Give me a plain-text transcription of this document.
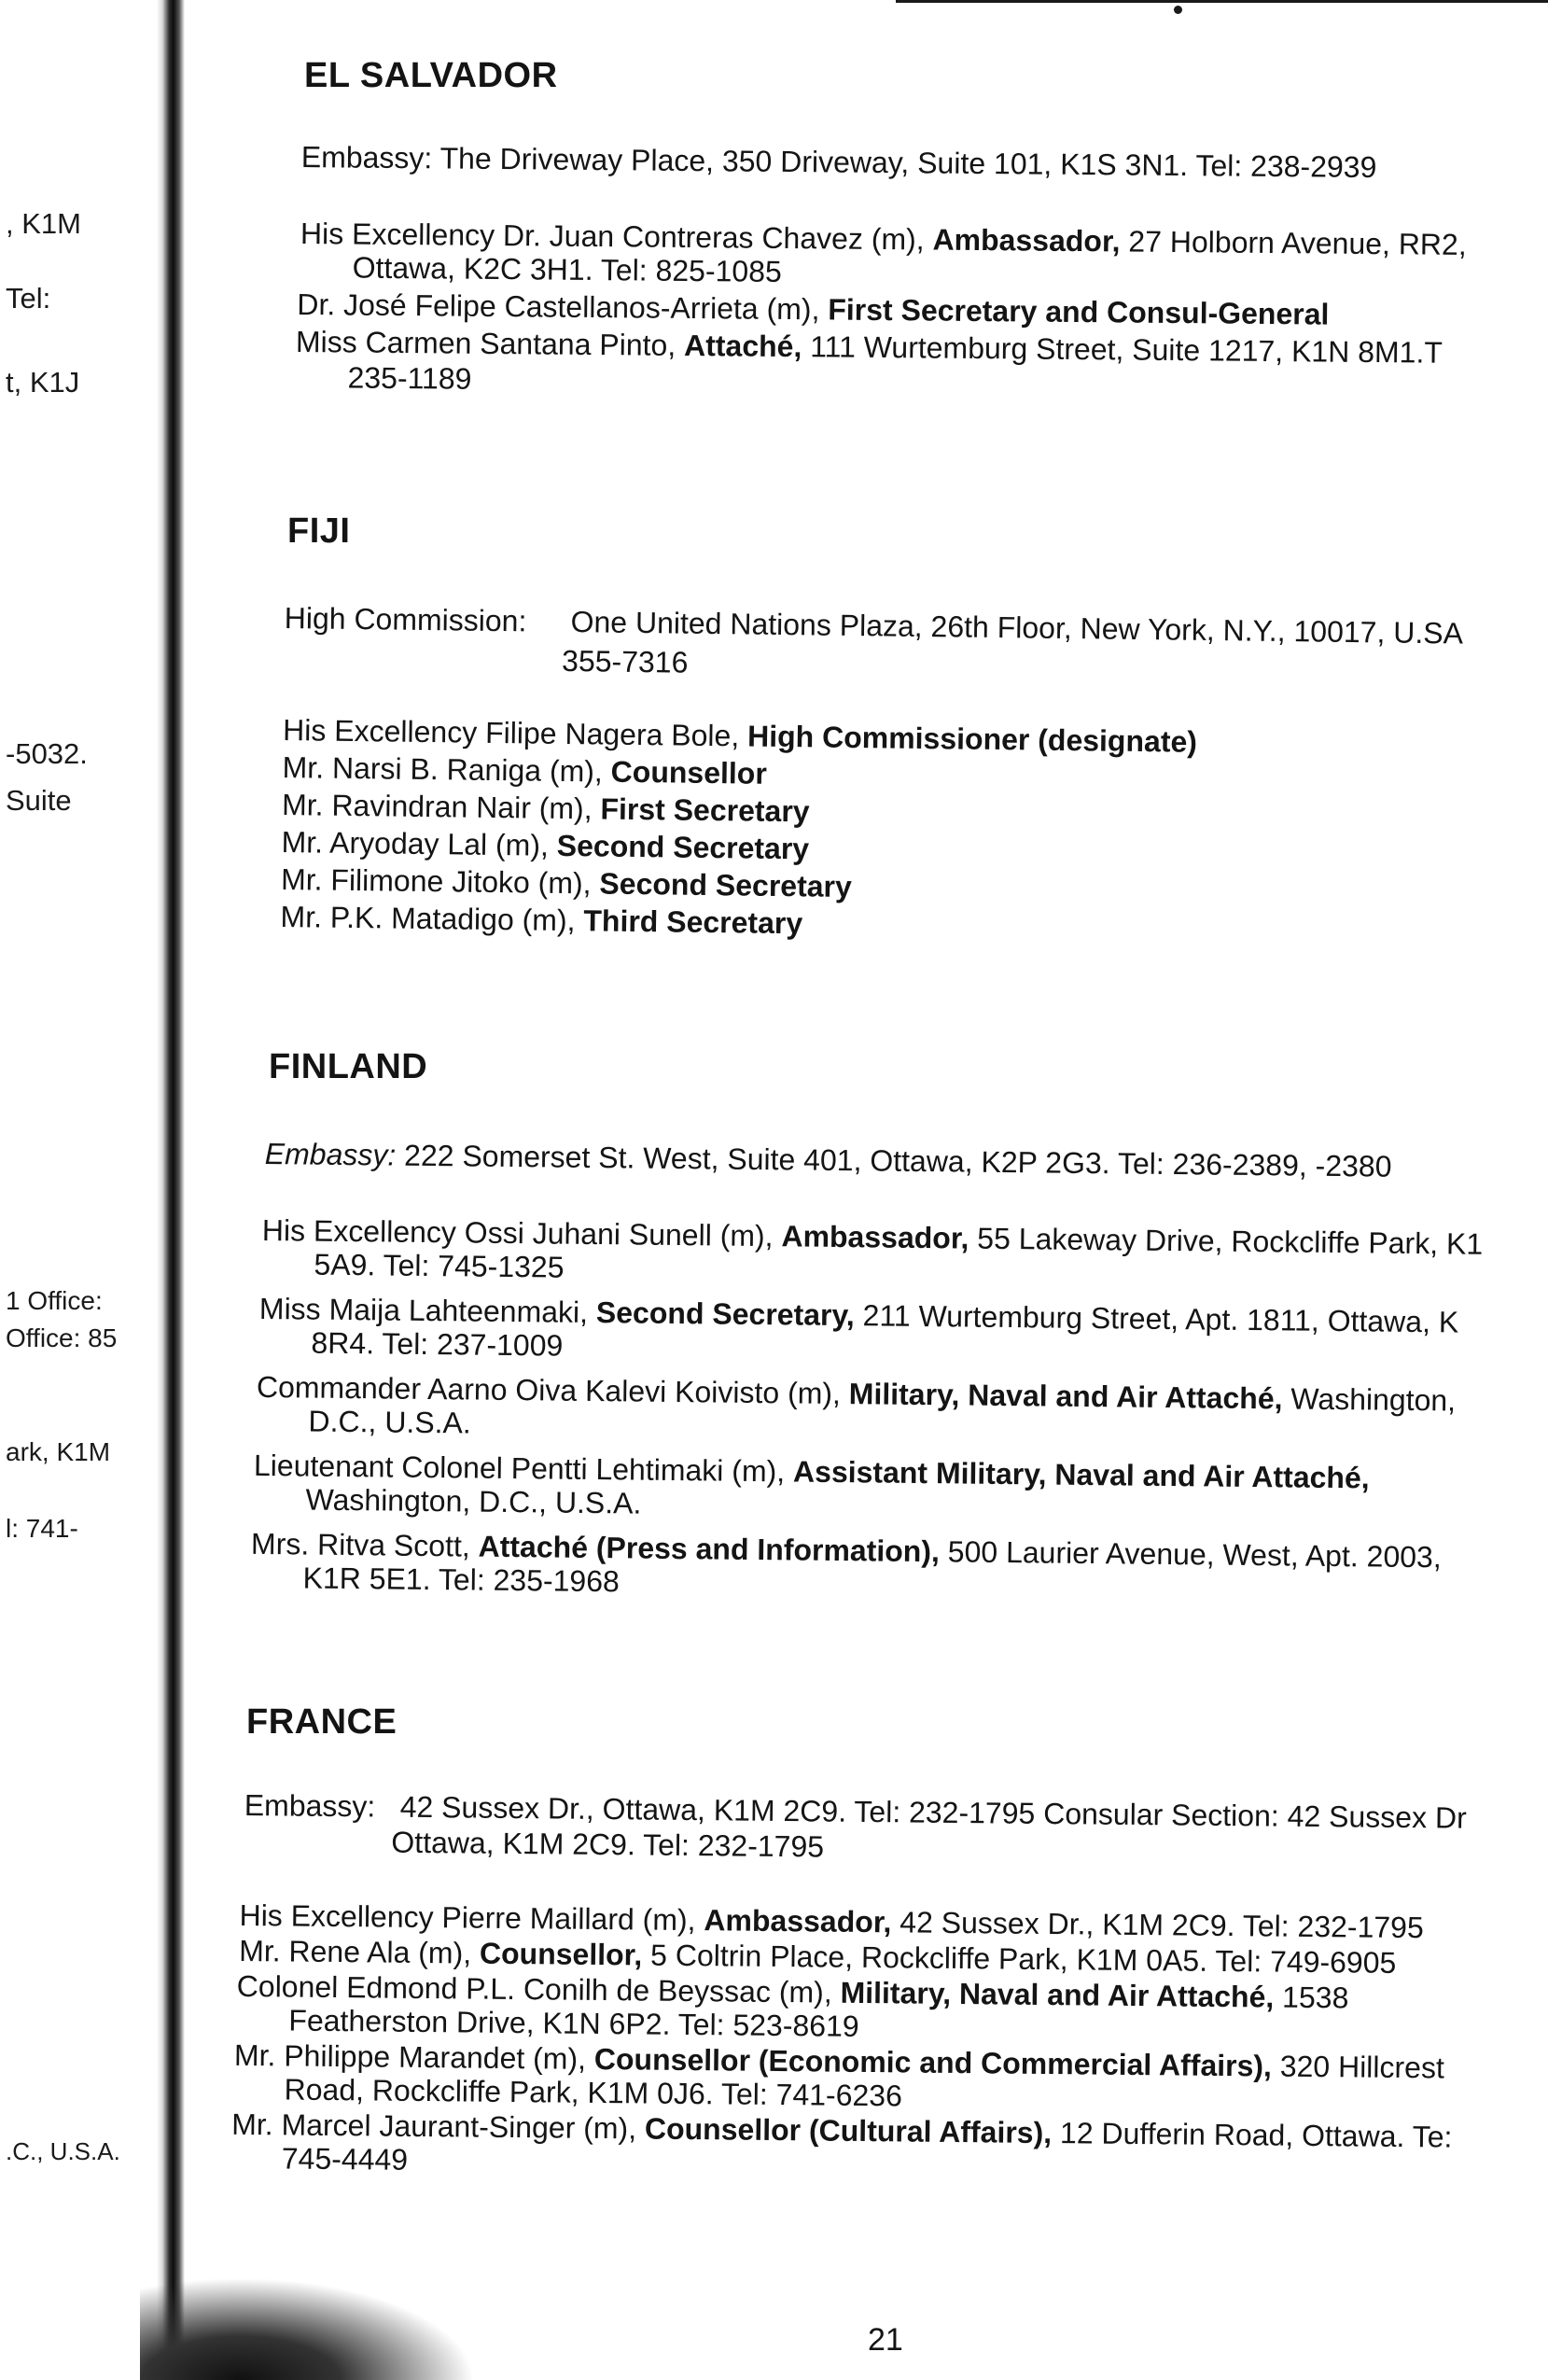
, K1M
Tel:
t, K1J
-5032.
Suite
1 Office:
Office: 85
ark, K1M
l: 741-
.C., U.S.A.
EL SALVADOR
Embassy: The Driveway Place, 350 Driveway, Suite 101, K1S 3N1. Tel: 238-2939
His Excellency Dr. Juan Contreras Chavez (m), Ambassador, 27 Holborn Avenue, RR2,
Ottawa, K2C 3H1. Tel: 825-1085
Dr. José Felipe Castellanos-Arrieta (m), First Secretary and Consul-General
Miss Carmen Santana Pinto, Attaché, 111 Wurtemburg Street, Suite 1217, K1N 8M1.T
235-1189
FIJI
High Commission: One United Nations Plaza, 26th Floor, New York, N.Y., 10017, U.SA
355-7316
His Excellency Filipe Nagera Bole, High Commissioner (designate)
Mr. Narsi B. Raniga (m), Counsellor
Mr. Ravindran Nair (m), First Secretary
Mr. Aryoday Lal (m), Second Secretary
Mr. Filimone Jitoko (m), Second Secretary
Mr. P.K. Matadigo (m), Third Secretary
FINLAND
Embassy: 222 Somerset St. West, Suite 401, Ottawa, K2P 2G3. Tel: 236-2389, -2380
His Excellency Ossi Juhani Sunell (m), Ambassador, 55 Lakeway Drive, Rockcliffe Park, K1
5A9. Tel: 745-1325
Miss Maija Lahteenmaki, Second Secretary, 211 Wurtemburg Street, Apt. 1811, Ottawa, K
8R4. Tel: 237-1009
Commander Aarno Oiva Kalevi Koivisto (m), Military, Naval and Air Attaché, Washington,
D.C., U.S.A.
Lieutenant Colonel Pentti Lehtimaki (m), Assistant Military, Naval and Air Attaché,
Washington, D.C., U.S.A.
Mrs. Ritva Scott, Attaché (Press and Information), 500 Laurier Avenue, West, Apt. 2003,
K1R 5E1. Tel: 235-1968
FRANCE
Embassy: 42 Sussex Dr., Ottawa, K1M 2C9. Tel: 232-1795 Consular Section: 42 Sussex Dr
Ottawa, K1M 2C9. Tel: 232-1795
His Excellency Pierre Maillard (m), Ambassador, 42 Sussex Dr., K1M 2C9. Tel: 232-1795
Mr. Rene Ala (m), Counsellor, 5 Coltrin Place, Rockcliffe Park, K1M 0A5. Tel: 749-6905
Colonel Edmond P.L. Conilh de Beyssac (m), Military, Naval and Air Attaché, 1538
Featherston Drive, K1N 6P2. Tel: 523-8619
Mr. Philippe Marandet (m), Counsellor (Economic and Commercial Affairs), 320 Hillcrest
Road, Rockcliffe Park, K1M 0J6. Tel: 741-6236
Mr. Marcel Jaurant-Singer (m), Counsellor (Cultural Affairs), 12 Dufferin Road, Ottawa. Te:
745-4449
21
